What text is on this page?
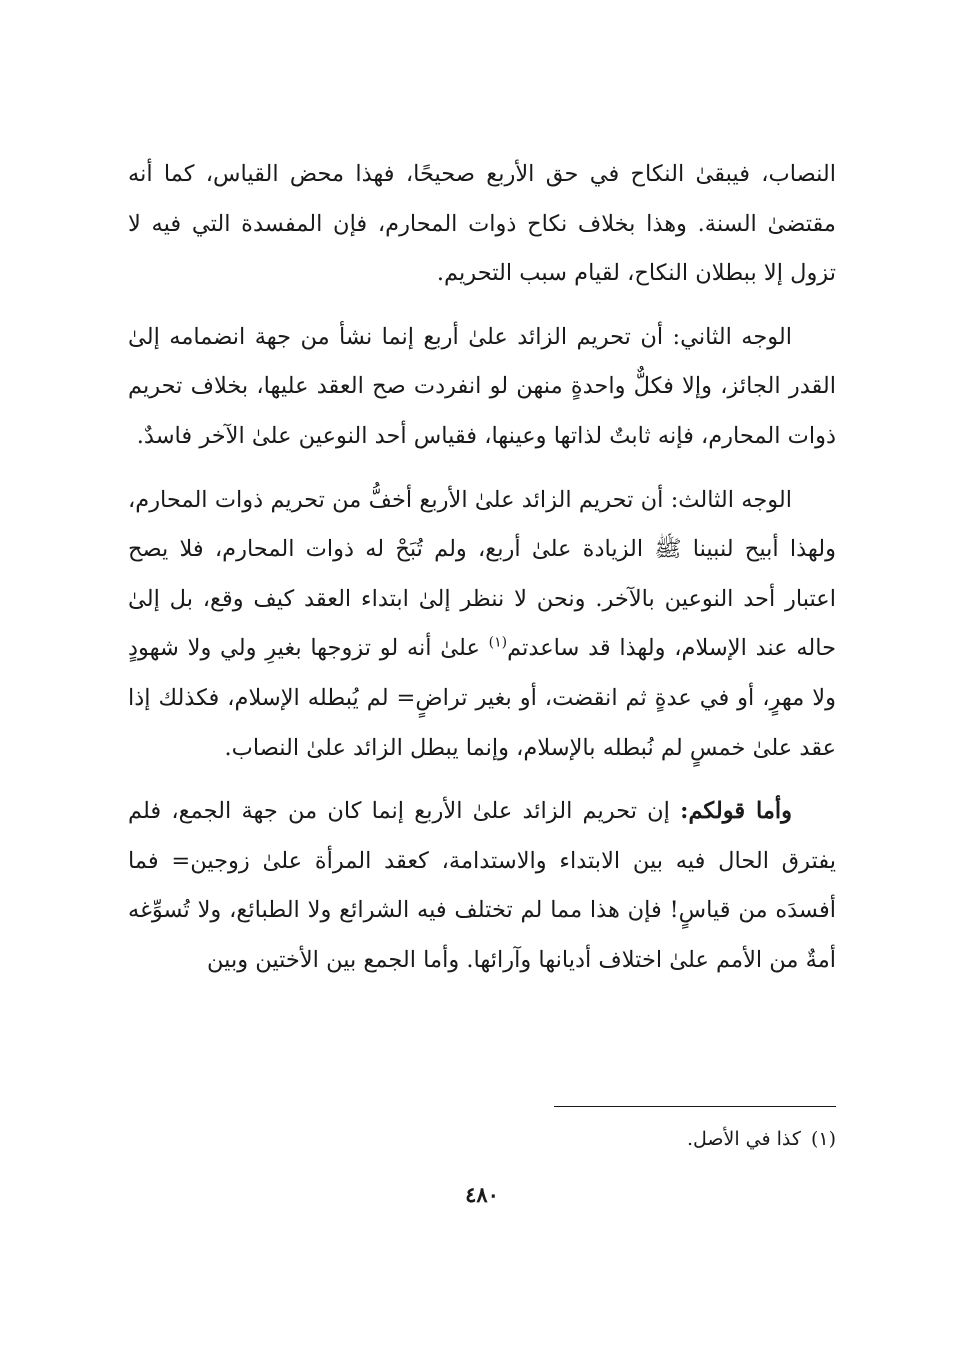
النصاب، فيبقىٰ النكاح في حق الأربع صحيحًا، فهذا محض القياس، كما أنه مقتضىٰ السنة. وهذا بخلاف نكاح ذوات المحارم، فإن المفسدة التي فيه لا تزول إلا ببطلان النكاح، لقيام سبب التحريم.

الوجه الثاني: أن تحريم الزائد علىٰ أربع إنما نشأ من جهة انضمامه إلىٰ القدر الجائز، وإلا فكلٌّ واحدةٍ منهن لو انفردت صح العقد عليها، بخلاف تحريم ذوات المحارم، فإنه ثابتٌ لذاتها وعينها، فقياس أحد النوعين علىٰ الآخر فاسدٌ.

الوجه الثالث: أن تحريم الزائد علىٰ الأربع أخفُّ من تحريم ذوات المحارم، ولهذا أبيح لنبينا ﷺ الزيادة علىٰ أربع، ولم تُبَحْ له ذوات المحارم، فلا يصح اعتبار أحد النوعين بالآخر. ونحن لا ننظر إلىٰ ابتداء العقد كيف وقع، بل إلىٰ حاله عند الإسلام، ولهذا قد ساعدتم$^{(١)}$ علىٰ أنه لو تزوجها بغيرِ ولي ولا شهودٍ ولا مهرٍ، أو في عدةٍ ثم انقضت، أو بغير تراضٍ= لم يُبطله الإسلام، فكذلك إذا عقد علىٰ خمسٍ لم نُبطله بالإسلام، وإنما يبطل الزائد علىٰ النصاب.

وأما قولكم: إن تحريم الزائد علىٰ الأربع إنما كان من جهة الجمع، فلم يفترق الحال فيه بين الابتداء والاستدامة، كعقد المرأة علىٰ زوجين= فما أفسدَه من قياسٍ! فإن هذا مما لم تختلف فيه الشرائع ولا الطبائع، ولا تُسوِّغه أمةٌ من الأمم علىٰ اختلاف أديانها وآرائها. وأما الجمع بين الأختين وبين

(١)كذا في الأصل.
٤٨٠
